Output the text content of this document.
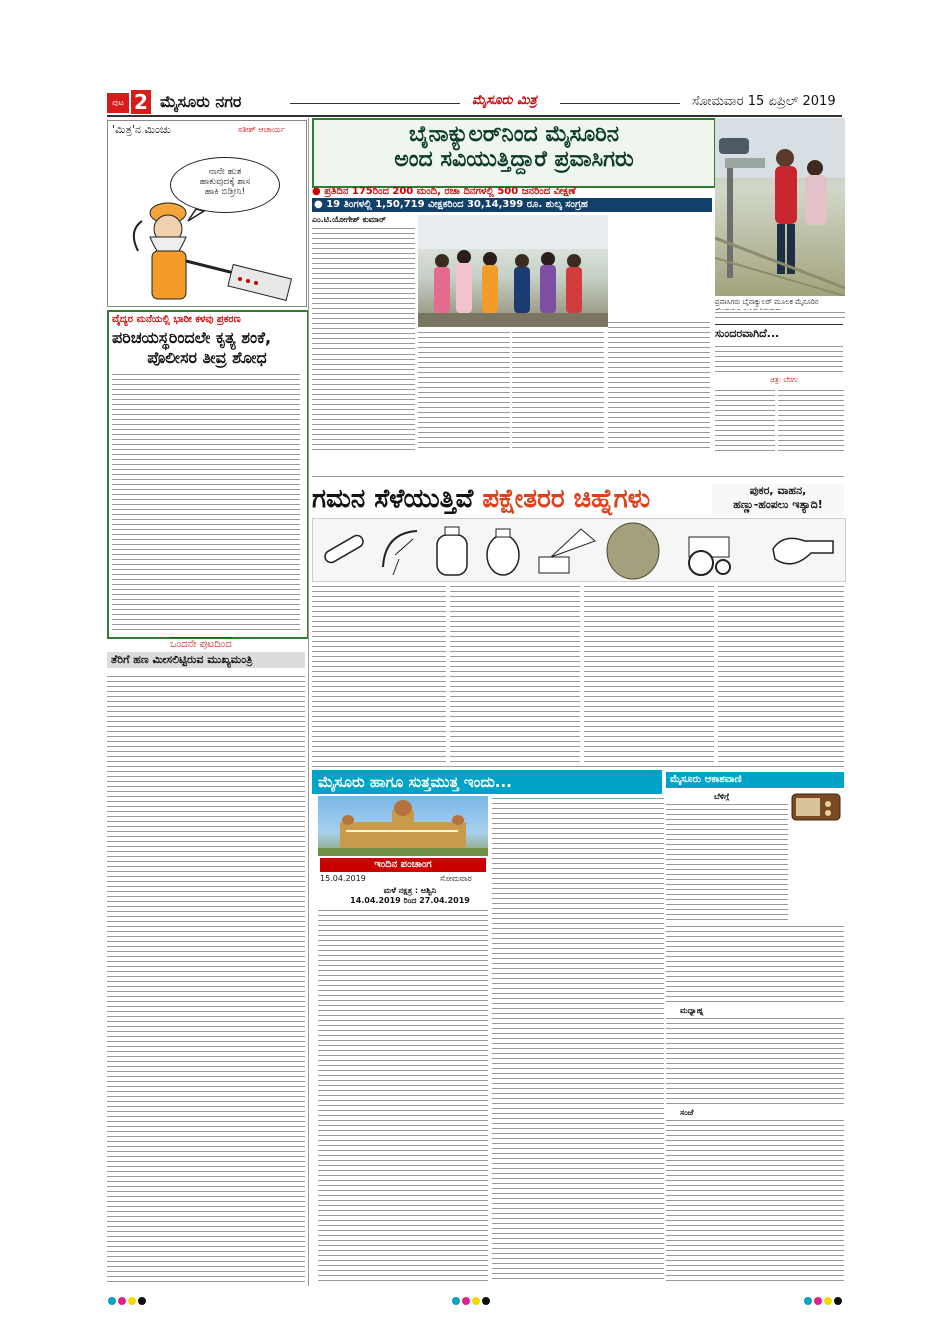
ಪುಟ 2 ಮೈಸೂರು ನಗರ	ಮೈಸೂರು ಮಿತ್ರ	ಸೋಮವಾರ 15 ಏಪ್ರಿಲ್ 2019
'ಮಿತ್ರ'ನ ಮಿಂಚು	ಸತೀಶ್ ಆಚಾರ್ಯ
ನಾನೇ ಹುತ
ಹಾಕುವುದಕ್ಕೆ ಶಾಸ
ಹಾಕಿ ಬಿಡ್ತೀನಿ!
ಬೈನಾಕ್ಯುಲರ್‌ನಿಂದ ಮೈಸೂರಿನ
ಅಂದ ಸವಿಯುತ್ತಿದ್ದಾರೆ ಪ್ರವಾಸಿಗರು
● ಪ್ರತಿದಿನ 175ರಿಂದ 200 ಮಂದಿ, ರಜಾ ದಿನಗಳಲ್ಲಿ 500 ಜನರಿಂದ ವೀಕ್ಷಣೆ
● 19 ತಿಂಗಳಲ್ಲಿ 1,50,719 ವೀಕ್ಷಕರಿಂದ 30,14,399 ರೂ. ಶುಲ್ಕ ಸಂಗ್ರಹ
ಪ್ರವಾಸಿಗರು ಬೈನಾಕ್ಯುಲರ್ ಮೂಲಕ ಮೈಸೂರಿನ
ಎಂ.ಟಿ.ಯೋಗೇಶ್ ಕುಮಾರ್
ಸುಂದರವಾಗಿದೆ...
ಚಿತ್ರ: ಬೆರಗು
ವೈದ್ಯರ ಮನೆಯಲ್ಲಿ ಭಾರೀ ಕಳವು ಪ್ರಕರಣ
ಪರಿಚಯಸ್ಥರಿಂದಲೇ ಕೃತ್ಯ ಶಂಕೆ,
ಪೊಲೀಸರ ತೀವ್ರ ಶೋಧ
ಒಂದನೇ ಪುಟದಿಂದ
ತೆರಿಗೆ ಹಣ ಮೀಸಲಿಟ್ಟಿರುವ ಮುಖ್ಯಮಂತ್ರಿ
ಗಮನ ಸೆಳೆಯುತ್ತಿವೆ ಪಕ್ಷೇತರರ ಚಿಹ್ನೆಗಳು	ಪುಕರ, ವಾಹನ,
ಹಣ್ಣು-ಹಂಪಲು ಇತ್ಯಾದಿ!
ಮೈಸೂರು ಹಾಗೂ ಸುತ್ತಮುತ್ತ ಇಂದು...
ಇಂದಿನ ಪಂಚಾಂಗ
15.04.2019	ಸೋಮವಾರ
ಮಳೆ ನಕ್ಷತ್ರ : ಅಶ್ವಿನಿ
14.04.2019 ರಿಂದ 27.04.2019
ಮೈಸೂರು ಆಕಾಶವಾಣಿ
ಬೆಳಿಗ್ಗೆ
ಮಧ್ಯಾಹ್ನ
ಸಂಜೆ
